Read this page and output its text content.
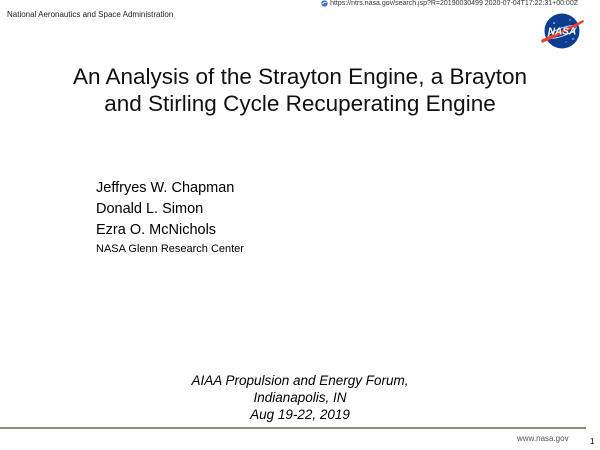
https://ntrs.nasa.gov/search.jsp?R=20190030499 2020-07-04T17:22:31+00:00Z
National Aeronautics and Space Administration
NASA
An Analysis of the Strayton Engine, a Brayton
and Stirling Cycle Recuperating Engine
Jeffryes W. Chapman
Donald L. Simon
Ezra O. McNichols
NASA Glenn Research Center
AIAA Propulsion and Energy Forum,
Indianapolis, IN
Aug 19-22, 2019
www.nasa.gov	1
